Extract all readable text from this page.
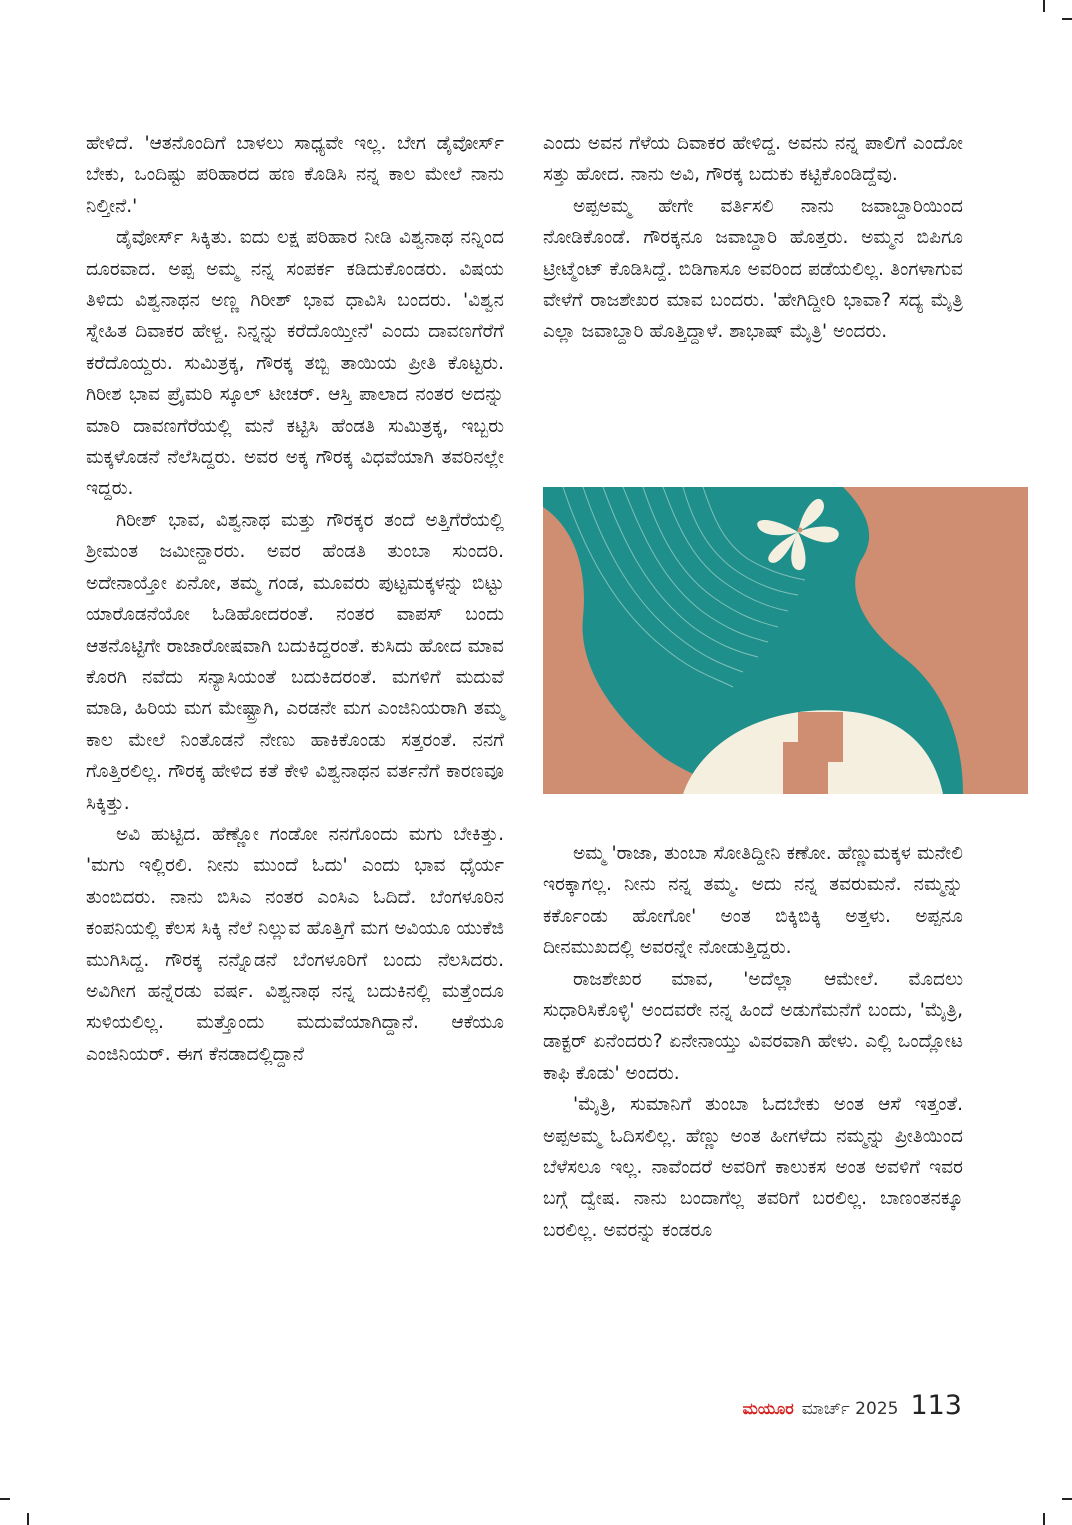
ಹೇಳಿದೆ. 'ಆತನೊಂದಿಗೆ ಬಾಳಲು ಸಾಧ್ಯವೇ ಇಲ್ಲ. ಬೇಗ ಡೈವೋರ್ಸ್ ಬೇಕು, ಒಂದಿಷ್ಟು ಪರಿಹಾರದ ಹಣ ಕೊಡಿಸಿ ನನ್ನ ಕಾಲ ಮೇಲೆ ನಾನು ನಿಲ್ತೀನೆ.'

ಡೈವೋರ್ಸ್ ಸಿಕ್ಕಿತು. ಐದು ಲಕ್ಷ ಪರಿಹಾರ ನೀಡಿ ವಿಶ್ವನಾಥ ನನ್ನಿಂದ ದೂರವಾದ. ಅಪ್ಪ ಅಮ್ಮ ನನ್ನ ಸಂಪರ್ಕ ಕಡಿದುಕೊಂಡರು. ವಿಷಯ ತಿಳಿದು ವಿಶ್ವನಾಥನ ಅಣ್ಣ ಗಿರೀಶ್ ಭಾವ ಧಾವಿಸಿ ಬಂದರು. 'ವಿಶ್ವನ ಸ್ನೇಹಿತ ದಿವಾಕರ ಹೇಳ್ದ. ನಿನ್ನನ್ನು ಕರೆದೊಯ್ತೀನೆ' ಎಂದು ದಾವಣಗೆರೆಗೆ ಕರೆದೊಯ್ದರು. ಸುಮಿತ್ರಕ್ಕ, ಗೌರಕ್ಕ ತಬ್ಬಿ ತಾಯಿಯ ಪ್ರೀತಿ ಕೊಟ್ಟರು. ಗಿರೀಶ ಭಾವ ಪ್ರೈಮರಿ ಸ್ಕೂಲ್ ಟೀಚರ್. ಆಸ್ತಿ ಪಾಲಾದ ನಂತರ ಅದನ್ನು ಮಾರಿ ದಾವಣಗೆರೆಯಲ್ಲಿ ಮನೆ ಕಟ್ಟಿಸಿ ಹೆಂಡತಿ ಸುಮಿತ್ರಕ್ಕ, ಇಬ್ಬರು ಮಕ್ಕಳೊಡನೆ ನೆಲೆಸಿದ್ದರು. ಅವರ ಅಕ್ಕ ಗೌರಕ್ಕ ವಿಧವೆಯಾಗಿ ತವರಿನಲ್ಲೇ ಇದ್ದರು.

ಗಿರೀಶ್ ಭಾವ, ವಿಶ್ವನಾಥ ಮತ್ತು ಗೌರಕ್ಕರ ತಂದೆ ಅತ್ತಿಗೆರೆಯಲ್ಲಿ ಶ್ರೀಮಂತ ಜಮೀನ್ದಾರರು. ಅವರ ಹೆಂಡತಿ ತುಂಬಾ ಸುಂದರಿ. ಅದೇನಾಯ್ತೋ ಏನೋ, ತಮ್ಮ ಗಂಡ, ಮೂವರು ಪುಟ್ಟಮಕ್ಕಳನ್ನು ಬಿಟ್ಟು ಯಾರೊಡನೆಯೋ ಓಡಿಹೋದರಂತೆ. ನಂತರ ವಾಪಸ್ ಬಂದು ಆತನೊಟ್ಟಿಗೇ ರಾಜಾರೋಷವಾಗಿ ಬದುಕಿದ್ದರಂತೆ. ಕುಸಿದು ಹೋದ ಮಾವ ಕೊರಗಿ ನವೆದು ಸನ್ಯಾಸಿಯಂತೆ ಬದುಕಿದರಂತೆ. ಮಗಳಿಗೆ ಮದುವೆ ಮಾಡಿ, ಹಿರಿಯ ಮಗ ಮೇಷ್ಟ್ರಾಗಿ, ಎರಡನೇ ಮಗ ಎಂಜಿನಿಯರಾಗಿ ತಮ್ಮ ಕಾಲ ಮೇಲೆ ನಿಂತೊಡನೆ ನೇಣು ಹಾಕಿಕೊಂಡು ಸತ್ತರಂತೆ. ನನಗೆ ಗೊತ್ತಿರಲಿಲ್ಲ. ಗೌರಕ್ಕ ಹೇಳಿದ ಕತೆ ಕೇಳಿ ವಿಶ್ವನಾಥನ ವರ್ತನೆಗೆ ಕಾರಣವೂ ಸಿಕ್ಕಿತ್ತು.

ಅವಿ ಹುಟ್ಟಿದ. ಹೆಣ್ಣೋ ಗಂಡೋ ನನಗೊಂದು ಮಗು ಬೇಕಿತ್ತು. 'ಮಗು ಇಲ್ಲಿರಲಿ. ನೀನು ಮುಂದೆ ಓದು' ಎಂದು ಭಾವ ಧೈರ್ಯ ತುಂಬಿದರು. ನಾನು ಬಿಸಿಎ ನಂತರ ಎಂಸಿಎ ಓದಿದೆ. ಬೆಂಗಳೂರಿನ ಕಂಪನಿಯಲ್ಲಿ ಕೆಲಸ ಸಿಕ್ಕಿ ನೆಲೆ ನಿಲ್ಲುವ ಹೊತ್ತಿಗೆ ಮಗ ಅವಿಯೂ ಯುಕೆಜಿ ಮುಗಿಸಿದ್ದ. ಗೌರಕ್ಕ ನನ್ನೊಡನೆ ಬೆಂಗಳೂರಿಗೆ ಬಂದು ನೆಲಸಿದರು. ಅವಿಗೀಗ ಹನ್ನೆರಡು ವರ್ಷ. ವಿಶ್ವನಾಥ ನನ್ನ ಬದುಕಿನಲ್ಲಿ ಮತ್ತೆಂದೂ ಸುಳಿಯಲಿಲ್ಲ. ಮತ್ತೊಂದು ಮದುವೆಯಾಗಿದ್ದಾನೆ. ಆಕೆಯೂ ಎಂಜಿನಿಯರ್. ಈಗ ಕೆನಡಾದಲ್ಲಿದ್ದಾನೆ

ಎಂದು ಅವನ ಗೆಳೆಯ ದಿವಾಕರ ಹೇಳಿದ್ದ. ಅವನು ನನ್ನ ಪಾಲಿಗೆ ಎಂದೋ ಸತ್ತು ಹೋದ. ನಾನು ಅವಿ, ಗೌರಕ್ಕ ಬದುಕು ಕಟ್ಟಿಕೊಂಡಿದ್ದೆವು.

ಅಪ್ಪಅಮ್ಮ ಹೇಗೇ ವರ್ತಿಸಲಿ ನಾನು ಜವಾಬ್ದಾರಿಯಿಂದ ನೋಡಿಕೊಂಡೆ. ಗೌರಕ್ಕನೂ ಜವಾಬ್ದಾರಿ ಹೊತ್ತರು. ಅಮ್ಮನ ಬಿಪಿಗೂ ಟ್ರೀಟ್ಮೆಂಟ್ ಕೊಡಿಸಿದ್ದೆ. ಬಿಡಿಗಾಸೂ ಅವರಿಂದ ಪಡೆಯಲಿಲ್ಲ. ತಿಂಗಳಾಗುವ ವೇಳೆಗೆ ರಾಜಶೇಖರ ಮಾವ ಬಂದರು. 'ಹೇಗಿದ್ದೀರಿ ಭಾವಾ? ಸದ್ಯ ಮೈತ್ರಿ ಎಲ್ಲಾ ಜವಾಬ್ದಾರಿ ಹೊತ್ತಿದ್ದಾಳೆ. ಶಾಭಾಷ್ ಮೈತ್ರಿ' ಅಂದರು.

ಅಮ್ಮ 'ರಾಜಾ, ತುಂಬಾ ಸೋತಿದ್ದೀನಿ ಕಣೋ. ಹೆಣ್ಣುಮಕ್ಕಳ ಮನೇಲಿ ಇರಕ್ಕಾಗಲ್ಲ. ನೀನು ನನ್ನ ತಮ್ಮ. ಅದು ನನ್ನ ತವರುಮನೆ. ನಮ್ಮನ್ನು ಕರ್ಕೊಂಡು ಹೋಗೋ' ಅಂತ ಬಿಕ್ಕಿಬಿಕ್ಕಿ ಅತ್ತಳು. ಅಪ್ಪನೂ ದೀನಮುಖದಲ್ಲಿ ಅವರನ್ನೇ ನೋಡುತ್ತಿದ್ದರು.

ರಾಜಶೇಖರ ಮಾವ, 'ಅದೆಲ್ಲಾ ಆಮೇಲೆ. ಮೊದಲು ಸುಧಾರಿಸಿಕೊಳ್ಳಿ' ಅಂದವರೇ ನನ್ನ ಹಿಂದೆ ಅಡುಗೆಮನೆಗೆ ಬಂದು, 'ಮೈತ್ರಿ, ಡಾಕ್ಟರ್ ಏನೆಂದರು? ಏನೇನಾಯ್ತು ವಿವರವಾಗಿ ಹೇಳು. ಎಲ್ಲಿ ಒಂದ್ಲೋಟ ಕಾಫಿ ಕೊಡು' ಅಂದರು.

'ಮೈತ್ರಿ, ಸುಮಾನಿಗೆ ತುಂಬಾ ಓದಬೇಕು ಅಂತ ಆಸೆ ಇತ್ತಂತೆ. ಅಪ್ಪಅಮ್ಮ ಓದಿಸಲಿಲ್ಲ. ಹೆಣ್ಣು ಅಂತ ಹೀಗಳೆದು ನಮ್ಮನ್ನು ಪ್ರೀತಿಯಿಂದ ಬೆಳೆಸಲೂ ಇಲ್ಲ. ನಾವೆಂದರೆ ಅವರಿಗೆ ಕಾಲುಕಸ ಅಂತ ಅವಳಿಗೆ ಇವರ ಬಗ್ಗೆ ದ್ವೇಷ. ನಾನು ಬಂದಾಗೆಲ್ಲ ತವರಿಗೆ ಬರಲಿಲ್ಲ. ಬಾಣಂತನಕ್ಕೂ ಬರಲಿಲ್ಲ. ಅವರನ್ನು ಕಂಡರೂ

ಮಯೂರ ಮಾರ್ಚ್ 2025 113
